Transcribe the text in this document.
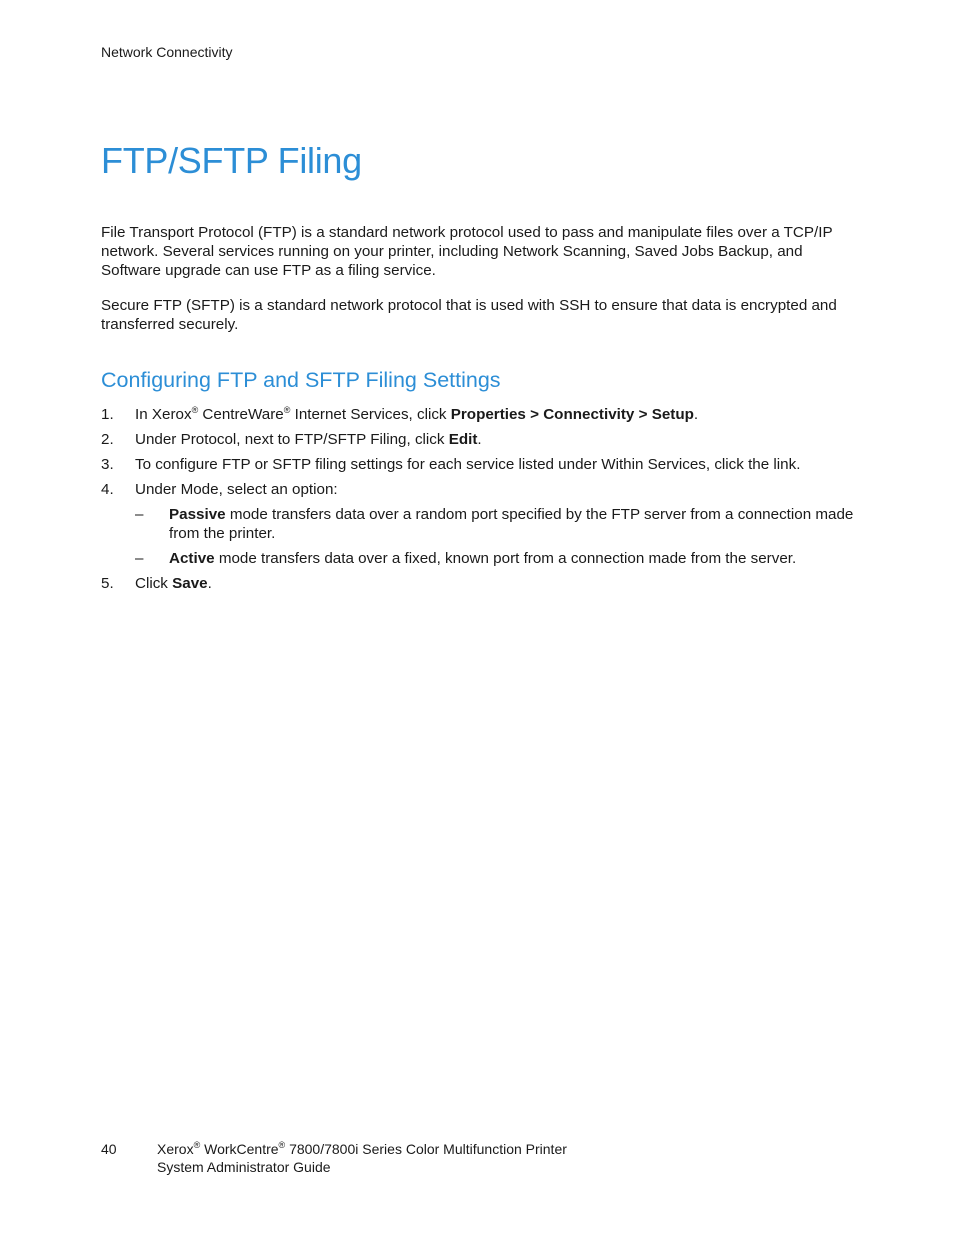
Network Connectivity
FTP/SFTP Filing

File Transport Protocol (FTP) is a standard network protocol used to pass and manipulate files over a TCP/IP network. Several services running on your printer, including Network Scanning, Saved Jobs Backup, and Software upgrade can use FTP as a filing service.

Secure FTP (SFTP) is a standard network protocol that is used with SSH to ensure that data is encrypted and transferred securely.

Configuring FTP and SFTP Filing Settings
1. In Xerox® CentreWare® Internet Services, click Properties > Connectivity > Setup.
2. Under Protocol, next to FTP/SFTP Filing, click Edit.
3. To configure FTP or SFTP filing settings for each service listed under Within Services, click the link.
4. Under Mode, select an option:
– Passive mode transfers data over a random port specified by the FTP server from a connection made from the printer.
– Active mode transfers data over a fixed, known port from a connection made from the server.
5. Click Save.
40	Xerox® WorkCentre® 7800/7800i Series Color Multifunction Printer
System Administrator Guide
